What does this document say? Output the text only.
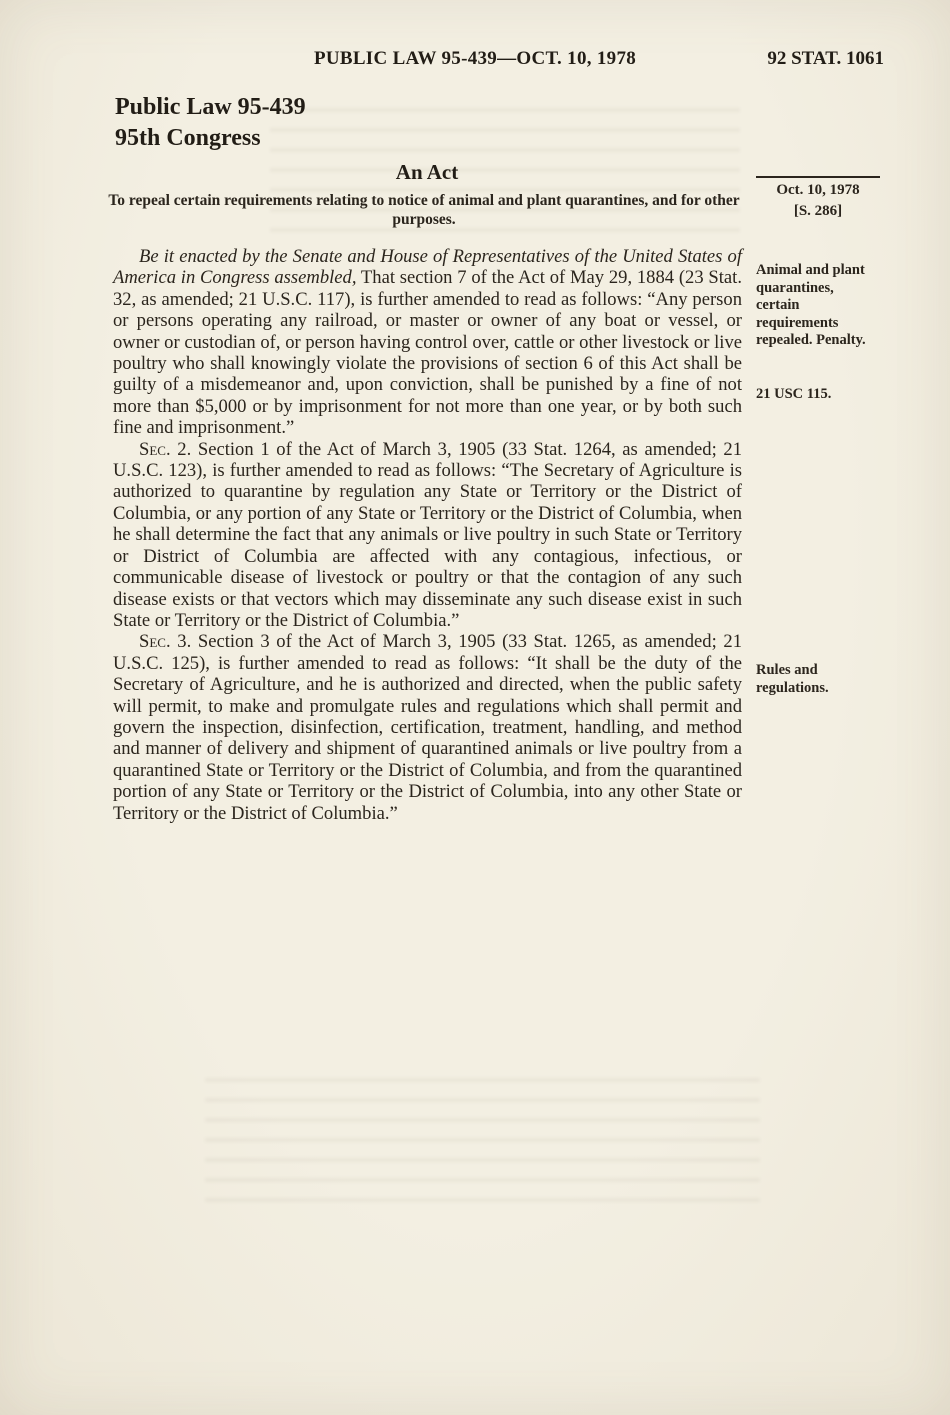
PUBLIC LAW 95-439—OCT. 10, 1978	92 STAT. 1061
Public Law 95-439
95th Congress
An Act
To repeal certain requirements relating to notice of animal and plant quarantines, and for other purposes.
Oct. 10, 1978
[S. 286]
Animal and plant quarantines, certain requirements repealed. Penalty.
21 USC 115.
Rules and regulations.

Be it enacted by the Senate and House of Representatives of the United States of America in Congress assembled, That section 7 of the Act of May 29, 1884 (23 Stat. 32, as amended; 21 U.S.C. 117), is further amended to read as follows: “Any person or persons operating any railroad, or master or owner of any boat or vessel, or owner or custodian of, or person having control over, cattle or other livestock or live poultry who shall knowingly violate the provisions of section 6 of this Act shall be guilty of a misdemeanor and, upon conviction, shall be punished by a fine of not more than $5,000 or by imprisonment for not more than one year, or by both such fine and imprisonment.”

Sec. 2. Section 1 of the Act of March 3, 1905 (33 Stat. 1264, as amended; 21 U.S.C. 123), is further amended to read as follows: “The Secretary of Agriculture is authorized to quarantine by regulation any State or Territory or the District of Columbia, or any portion of any State or Territory or the District of Columbia, when he shall determine the fact that any animals or live poultry in such State or Territory or District of Columbia are affected with any contagious, infectious, or communicable disease of livestock or poultry or that the contagion of any such disease exists or that vectors which may disseminate any such disease exist in such State or Territory or the District of Columbia.”

Sec. 3. Section 3 of the Act of March 3, 1905 (33 Stat. 1265, as amended; 21 U.S.C. 125), is further amended to read as follows: “It shall be the duty of the Secretary of Agriculture, and he is authorized and directed, when the public safety will permit, to make and promulgate rules and regulations which shall permit and govern the inspection, disinfection, certification, treatment, handling, and method and manner of delivery and shipment of quarantined animals or live poultry from a quarantined State or Territory or the District of Columbia, and from the quarantined portion of any State or Territory or the District of Columbia, into any other State or Territory or the District of Columbia.”
